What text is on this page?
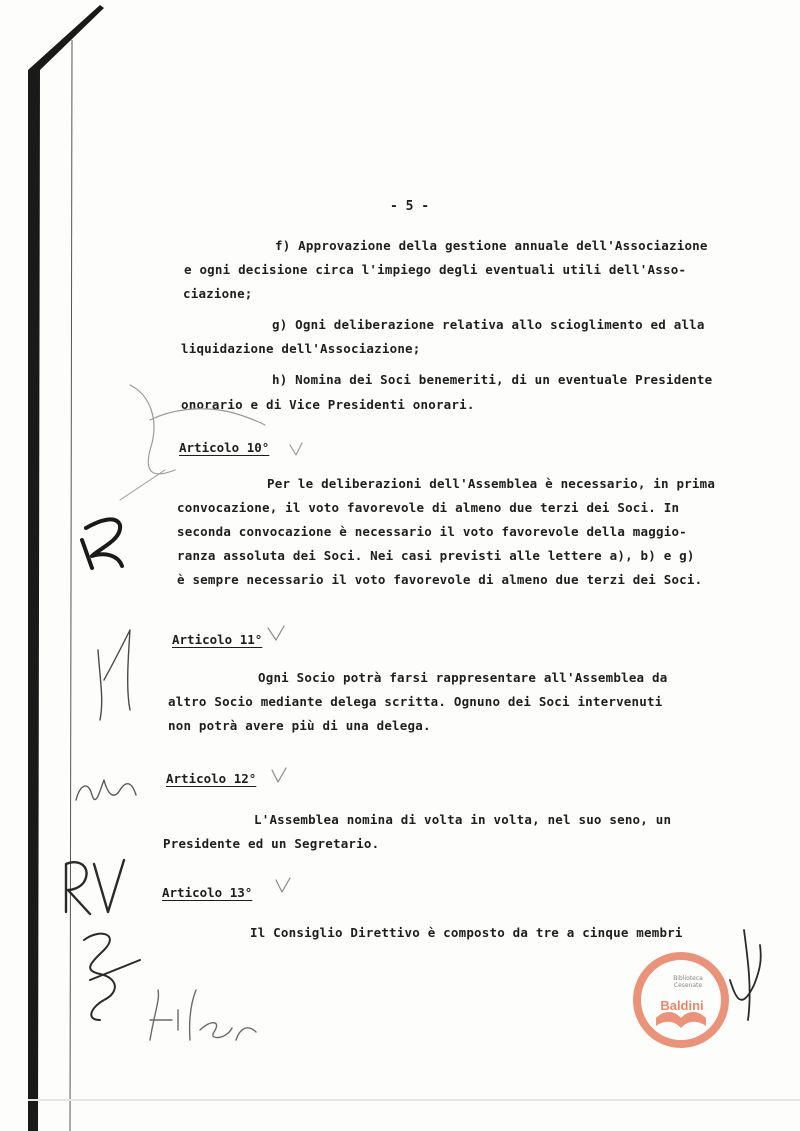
- 5 -
f) Approvazione della gestione annuale dell'Associazione
e ogni decisione circa l'impiego degli eventuali utili dell'Asso-
ciazione;
g) Ogni deliberazione relativa allo scioglimento ed alla
liquidazione dell'Associazione;
h) Nomina dei Soci benemeriti, di un eventuale Presidente
onorario e di Vice Presidenti onorari.
Articolo 10°
Per le deliberazioni dell'Assemblea è necessario, in prima
convocazione, il voto favorevole di almeno due terzi dei Soci. In
seconda convocazione è necessario il voto favorevole della maggio-
ranza assoluta dei Soci. Nei casi previsti alle lettere a), b) e g)
è sempre necessario il voto favorevole di almeno due terzi dei Soci.
Articolo 11°
Ogni Socio potrà farsi rappresentare all'Assemblea da
altro Socio mediante delega scritta. Ognuno dei Soci intervenuti
non potrà avere più di una delega.
Articolo 12°
L'Assemblea nomina di volta in volta, nel suo seno, un
Presidente ed un Segretario.
Articolo 13°
Il Consiglio Direttivo è composto da tre a cinque membri
Biblioteca
Cesenate
Baldini
